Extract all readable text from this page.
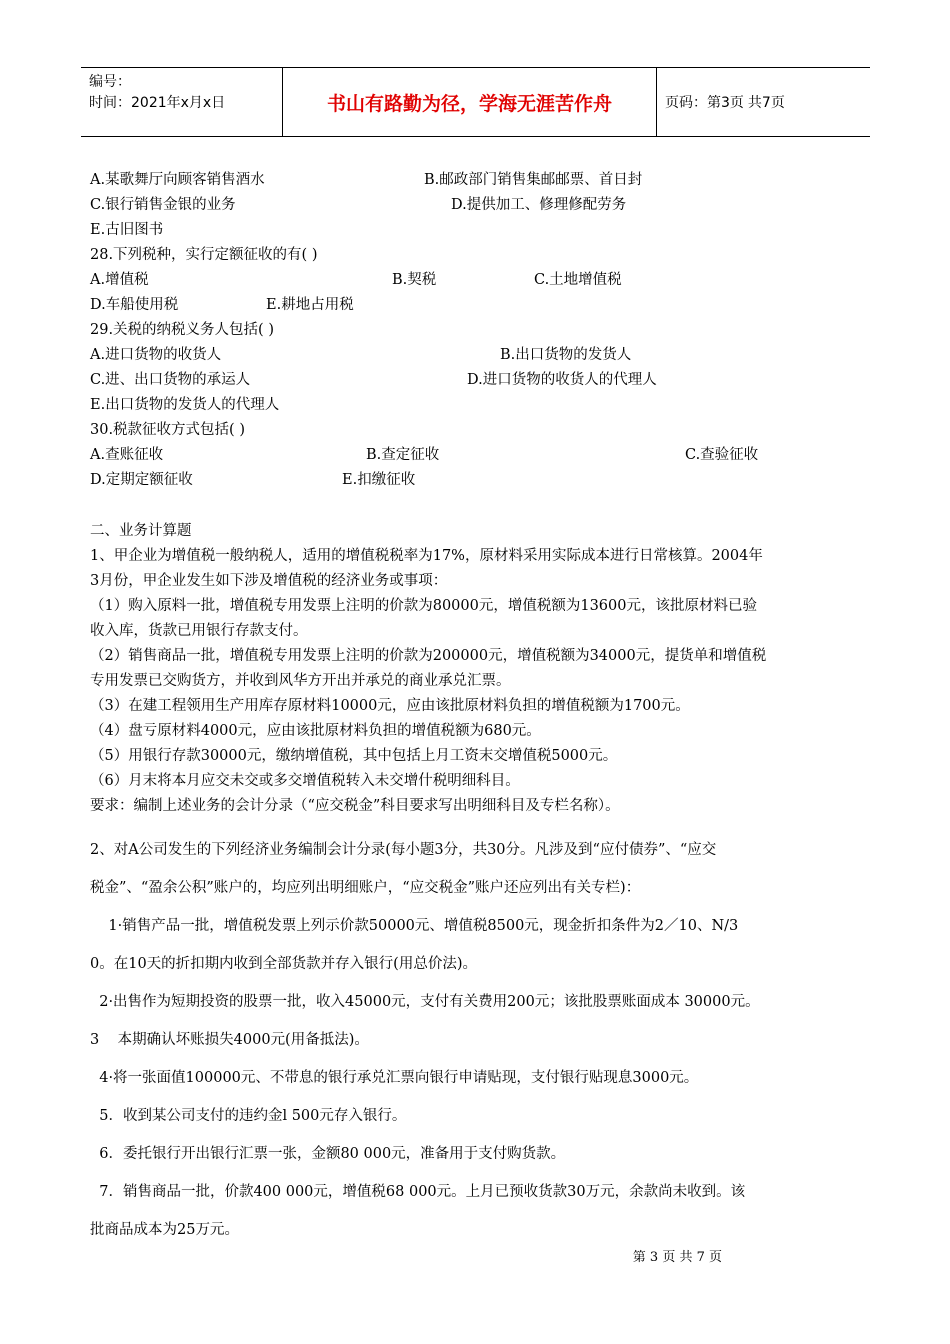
编号：
时间：2021年x月x日	书山有路勤为径，学海无涯苦作舟	页码：第3页 共7页
A.某歌舞厅向顾客销售酒水	B.邮政部门销售集邮邮票、首日封
C.银行销售金银的业务	D.提供加工、修理修配劳务
E.古旧图书
28.下列税种，实行定额征收的有( )
A.增值税	B.契税	C.土地增值税
D.车船使用税	E.耕地占用税
29.关税的纳税义务人包括( )
A.进口货物的收货人	B.出口货物的发货人
C.进、出口货物的承运人	D.进口货物的收货人的代理人
E.出口货物的发货人的代理人
30.税款征收方式包括( )
A.查账征收	B.查定征收	C.查验征收
D.定期定额征收	E.扣缴征收
二、业务计算题
1、甲企业为增值税一般纳税人，适用的增值税税率为17%，原材料采用实际成本进行日常核算。2004年
3月份，甲企业发生如下涉及增值税的经济业务或事项：
（1）购入原料一批，增值税专用发票上注明的价款为80000元，增值税额为13600元，该批原材料已验
收入库，货款已用银行存款支付。
（2）销售商品一批，增值税专用发票上注明的价款为200000元，增值税额为34000元，提货单和增值税
专用发票已交购货方，并收到风华方开出并承兑的商业承兑汇票。
（3）在建工程领用生产用库存原材料10000元，应由该批原材料负担的增值税额为1700元。
（4）盘亏原材料4000元，应由该批原材料负担的增值税额为680元。
（5）用银行存款30000元，缴纳增值税，其中包括上月工资末交增值税5000元。
（6）月末将本月应交未交或多交增值税转入未交增什税明细科目。
要求：编制上述业务的会计分录（“应交税金”科目要求写出明细科目及专栏名称）。
2、对A公司发生的下列经济业务编制会计分录(每小题3分，共30分。凡涉及到“应付债券”、“应交
税金”、“盈余公积”账户的，均应列出明细账户，“应交税金”账户还应列出有关专栏)：
1·销售产品一批，增值税发票上列示价款50000元、增值税8500元，现金折扣条件为2／10、N/3
0。在10天的折扣期内收到全部货款并存入银行(用总价法)。
2·出售作为短期投资的股票一批，收入45000元，支付有关费用200元；该批股票账面成本 30000元。
3    本期确认坏账损失4000元(用备抵法)。
4·将一张面值100000元、不带息的银行承兑汇票向银行申请贴现，支付银行贴现息3000元。
5．收到某公司支付的违约金l 500元存入银行。
6．委托银行开出银行汇票一张，金额80 000元，准备用于支付购货款。
7．销售商品一批，价款400 000元，增值税68 000元。上月已预收货款30万元，余款尚未收到。该
批商品成本为25万元。
第 3 页 共 7 页
